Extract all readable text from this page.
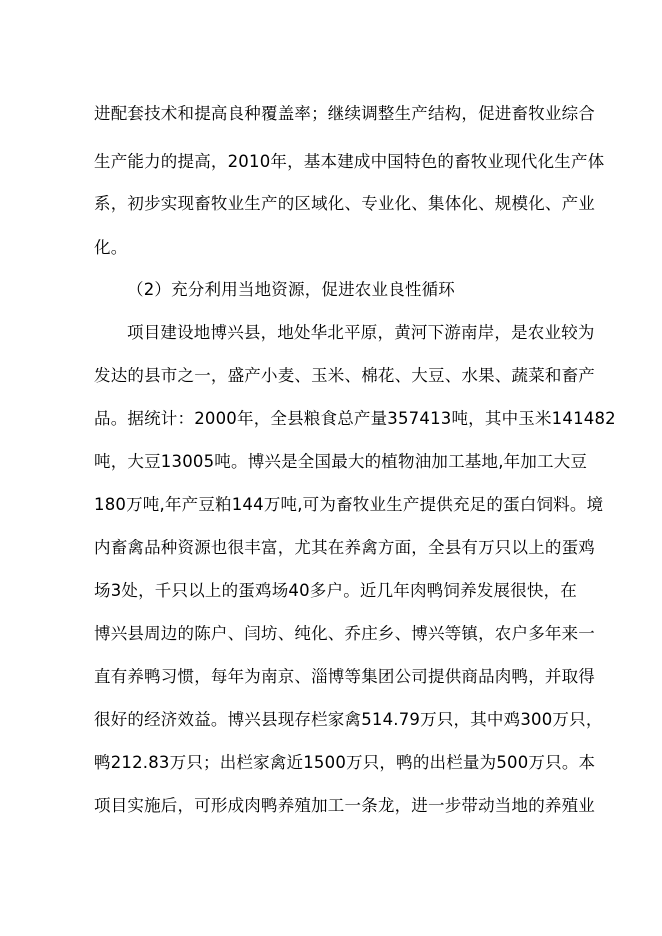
进配套技术和提高良种覆盖率；继续调整生产结构，促进畜牧业综合
生产能力的提高，2010年，基本建成中国特色的畜牧业现代化生产体
系，初步实现畜牧业生产的区域化、专业化、集体化、规模化、产业
化。
（2）充分利用当地资源，促进农业良性循环
项目建设地博兴县，地处华北平原，黄河下游南岸，是农业较为
发达的县市之一，盛产小麦、玉米、棉花、大豆、水果、蔬菜和畜产
品。据统计：2000年，全县粮食总产量357413吨，其中玉米141482
吨，大豆13005吨。博兴是全国最大的植物油加工基地,年加工大豆
180万吨,年产豆粕144万吨,可为畜牧业生产提供充足的蛋白饲料。境
内畜禽品种资源也很丰富，尤其在养禽方面，全县有万只以上的蛋鸡
场3处，千只以上的蛋鸡场40多户。近几年肉鸭饲养发展很快，在
博兴县周边的陈户、闫坊、纯化、乔庄乡、博兴等镇，农户多年来一
直有养鸭习惯，每年为南京、淄博等集团公司提供商品肉鸭，并取得
很好的经济效益。博兴县现存栏家禽514.79万只，其中鸡300万只，
鸭212.83万只；出栏家禽近1500万只，鸭的出栏量为500万只。本
项目实施后，可形成肉鸭养殖加工一条龙，进一步带动当地的养殖业
